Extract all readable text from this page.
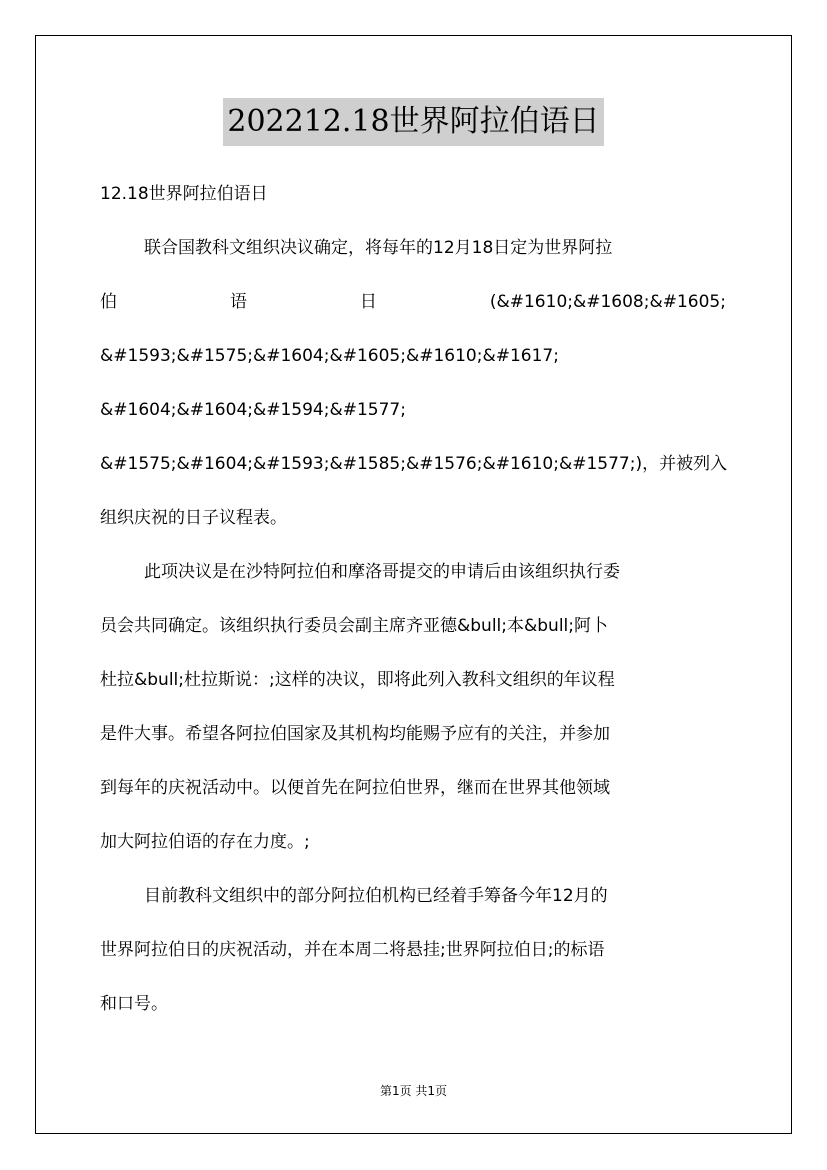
202212.18世界阿拉伯语日
12.18世界阿拉伯语日
联合国教科文组织决议确定，将每年的12月18日定为世界阿拉
伯	语	日	(&#1610;&#1608;&#1605;
&#1593;&#1575;&#1604;&#1605;&#1610;&#1617;
&#1604;&#1604;&#1594;&#1577;
&#1575;&#1604;&#1593;&#1585;&#1576;&#1610;&#1577;)，并被列入
组织庆祝的日子议程表。
此项决议是在沙特阿拉伯和摩洛哥提交的申请后由该组织执行委
员会共同确定。该组织执行委员会副主席齐亚德&bull;本&bull;阿卜
杜拉&bull;杜拉斯说：;这样的决议，即将此列入教科文组织的年议程
是件大事。希望各阿拉伯国家及其机构均能赐予应有的关注，并参加
到每年的庆祝活动中。以便首先在阿拉伯世界，继而在世界其他领域
加大阿拉伯语的存在力度。;
目前教科文组织中的部分阿拉伯机构已经着手筹备今年12月的
世界阿拉伯日的庆祝活动，并在本周二将悬挂;世界阿拉伯日;的标语
和口号。
第1页 共1页
